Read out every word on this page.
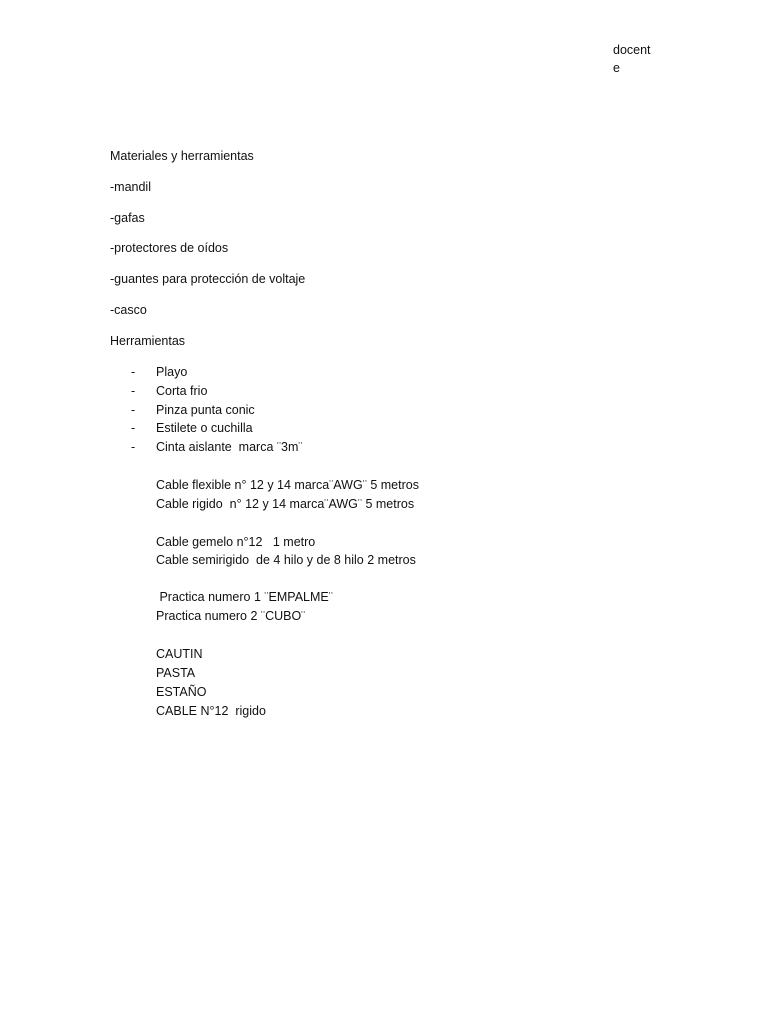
docent
e
Materiales y herramientas
-mandil
-gafas
-protectores de oídos
-guantes para protección de voltaje
-casco
Herramientas
- Playo
- Corta frio
- Pinza punta conic
- Estilete o cuchilla
- Cinta aislante  marca ¨3m¨
Cable flexible n° 12 y 14 marca¨AWG¨ 5 metros
Cable rigido  n° 12 y 14 marca¨AWG¨ 5 metros
Cable gemelo n°12   1 metro
Cable semirigido  de 4 hilo y de 8 hilo 2 metros
Practica numero 1 ¨EMPALME¨
Practica numero 2 ¨CUBO¨
CAUTIN
PASTA
ESTAÑO
CABLE N°12  rigido
